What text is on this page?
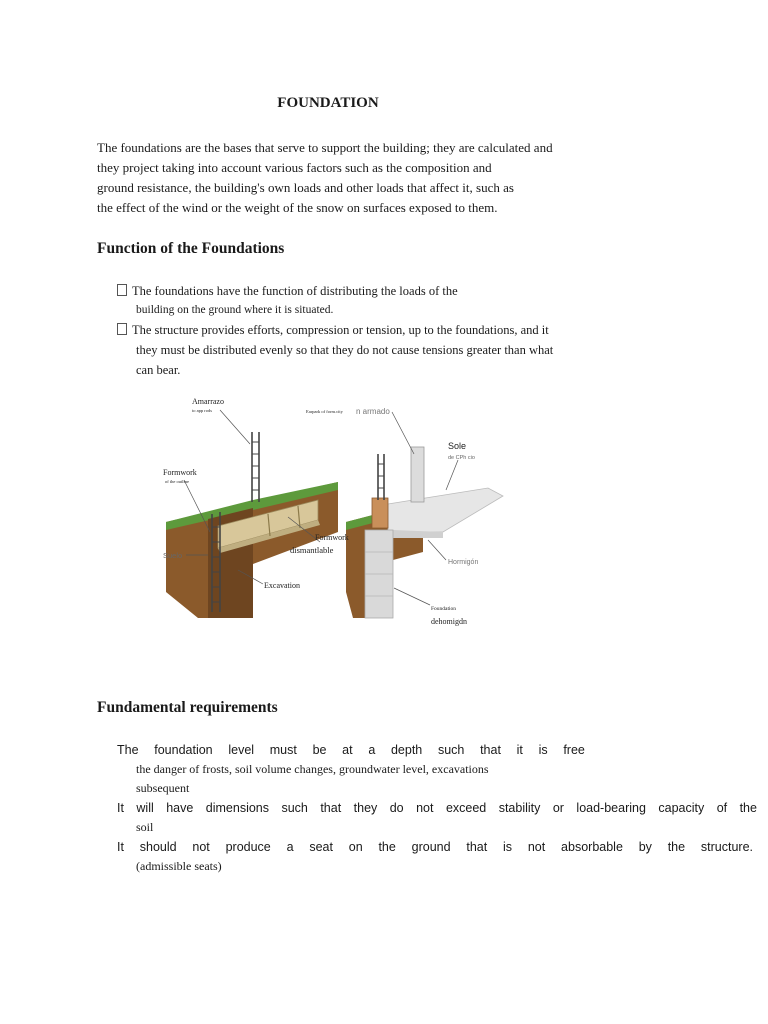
FOUNDATION
The foundations are the bases that serve to support the building; they are calculated and
they project taking into account various factors such as the composition and
ground resistance, the building's own loads and other loads that affect it, such as
the effect of the wind or the weight of the snow on surfaces exposed to them.
Function of the Foundations
The foundations have the function of distributing the loads of the
building on the ground where it is situated.
The structure provides efforts, compression or tension, up to the foundations, and it
they must be distributed evenly so that they do not cause tensions greater than what
can bear.
Amarrazo
to app rods
Formwork
of the outline
Suelo
Excavation
Earpark of form.city n armado
Sole
de CPh cio
Formwork
dismantlable
Hormigón
Foundation
dehomigdn
Fundamental requirements
The foundation level must be at a depth such that it is free
the danger of frosts, soil volume changes, groundwater level, excavations
subsequent
It will have dimensions such that they do not exceed stability or load-bearing capacity of the
soil
It should not produce a seat on the ground that is not absorbable by the structure.
(admissible seats)
